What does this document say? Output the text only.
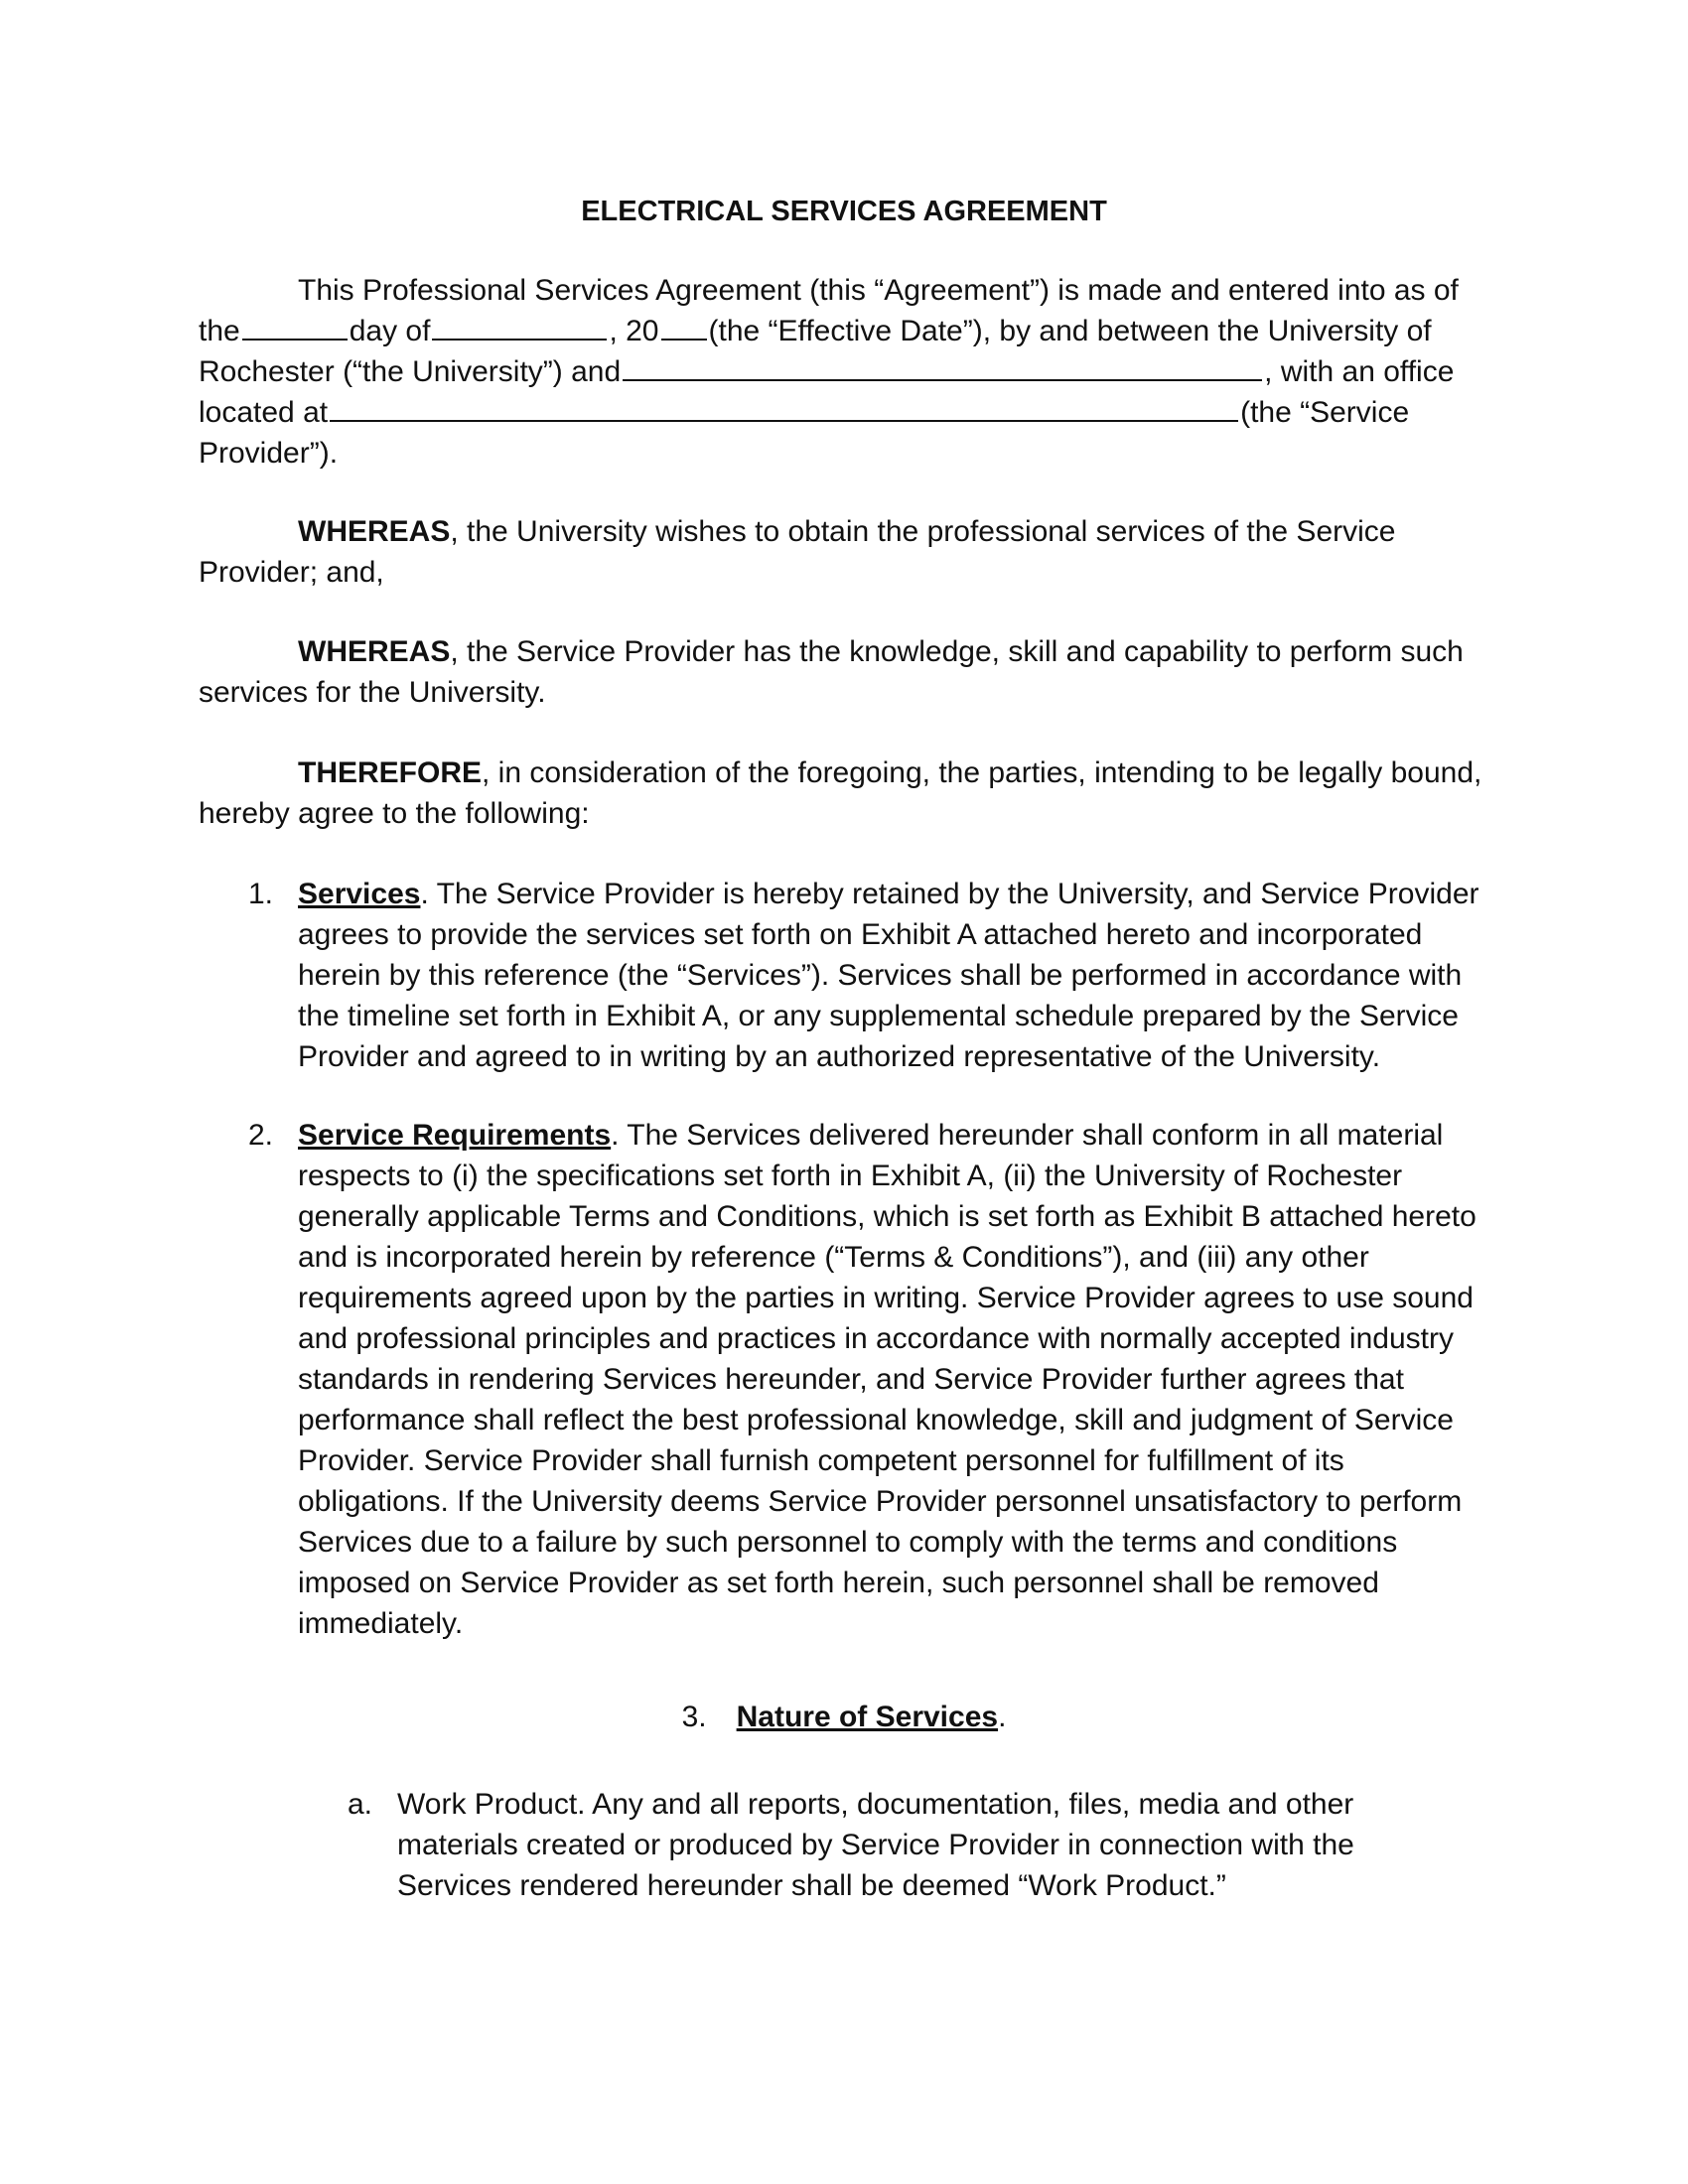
ELECTRICAL SERVICES AGREEMENT

This Professional Services Agreement (this “Agreement”) is made and entered into as of the	day of	, 20 (the “Effective Date”), by and between the University of Rochester (“the University”) and	, with an office located at	(the “Service Provider”).

WHEREAS, the University wishes to obtain the professional services of the Service Provider; and,

WHEREAS, the Service Provider has the knowledge, skill and capability to perform such services for the University.

THEREFORE, in consideration of the foregoing, the parties, intending to be legally bound, hereby agree to the following:

1. Services. The Service Provider is hereby retained by the University, and Service Provider agrees to provide the services set forth on Exhibit A attached hereto and incorporated herein by this reference (the “Services”). Services shall be performed in accordance with the timeline set forth in Exhibit A, or any supplemental schedule prepared by the Service Provider and agreed to in writing by an authorized representative of the University.
2. Service Requirements. The Services delivered hereunder shall conform in all material respects to (i) the specifications set forth in Exhibit A, (ii) the University of Rochester generally applicable Terms and Conditions, which is set forth as Exhibit B attached hereto and is incorporated herein by reference (“Terms & Conditions”), and (iii) any other requirements agreed upon by the parties in writing. Service Provider agrees to use sound and professional principles and practices in accordance with normally accepted industry standards in rendering Services hereunder, and Service Provider further agrees that performance shall reflect the best professional knowledge, skill and judgment of Service Provider. Service Provider shall furnish competent personnel for fulfillment of its obligations. If the University deems Service Provider personnel unsatisfactory to perform Services due to a failure by such personnel to comply with the terms and conditions imposed on Service Provider as set forth herein, such personnel shall be removed immediately.
3. Nature of Services.
a. Work Product. Any and all reports, documentation, files, media and other materials created or produced by Service Provider in connection with the Services rendered hereunder shall be deemed “Work Product.”
